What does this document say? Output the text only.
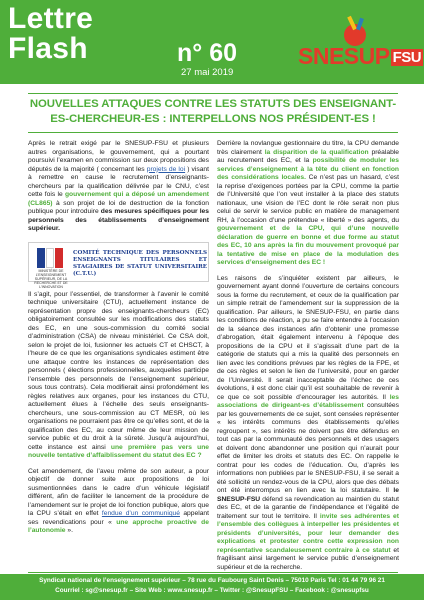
Lettre
Flash	n° 60
27 mai 2019
SNESUP FSU
NOUVELLES ATTAQUES CONTRE LES STATUTS DES ENSEIGNANT-ES-CHERCHEUR-ES : INTERPELLONS NOS PRÉSIDENT-ES !

Après le retrait exigé par le SNESUP-FSU et plusieurs autres organisations, le gouvernement, qui a pourtant poursuivi l’examen en commission sur deux propositions des députés de la majorité ( concernant les projets de loi ) visant à remettre en cause le recrutement d’enseignants-chercheurs par la qualification délivrée par le CNU, c’est cette fois le gouvernement qui a déposé un amendement (CL865) à son projet de loi de destruction de la fonction publique pour introduire des mesures spécifiques pour les personnels des établissements d’enseignement supérieur.

MINISTÈRE DE L’ENSEIGNEMENT SUPÉRIEUR, DE LA RECHERCHE ET DE L’INNOVATION
COMITÉ TECHNIQUE DES PERSONNELS ENSEIGNANTS TITULAIRES ET STAGIAIRES DE STATUT UNIVERSITAIRE (C.T.U.)

Il s’agit, pour l’essentiel, de transformer à l’avenir le comité technique universitaire (CTU), actuellement instance de représentation propre des enseignants-chercheurs (EC) obligatoirement consultée sur les modifications des statuts des EC, en une sous-commission du comité social d’administration (CSA) de niveau ministériel. Ce CSA doit, selon le projet de loi, fusionner les actuels CT et CHSCT, à l’heure de ce que les organisations syndicales estiment être une attaque contre les instances de représentation des personnels ( élections professionnelles, auxquelles participe l’ensemble des personnels de l’enseignement supérieur, sous tous contrats). Cela modifierait ainsi profondément les règles relatives aux organes, pour les instances du CTU, actuellement élues à l’échelle des seuls enseignants-chercheurs, une sous-commission au CT MESR, où les organisations ne pourraient pas être ce qu’elles sont, et de la qualification des EC, au cœur même de leur mission de service public et du droit à la sûreté. Jusqu’à aujourd’hui, cette instance est ainsi une première pas vers une nouvelle tentative d’affaiblissement du statut des EC ?

Cet amendement, de l’aveu même de son auteur, a pour objectif de donner suite aux propositions de loi susmentionnées dans le cadre d’un véhicule législatif différent, afin de faciliter le lancement de la procédure de l’amendement sur le projet de loi fonction publique, alors que la CPU s’était en effet fendue d’un communiqué appelant ses revendications pour « une approche proactive de l’autonomie ».

Derrière la novlangue gestionnaire du titre, la CPU demande très clairement la disparition de la qualification préalable au recrutement des EC, et la possibilité de moduler les services d’enseignement à la tête du client en fonction des considérations locales. Ce n’est pas un hasard, c’est la reprise d’exigences portées par la CPU, comme la partie de l’Université que l’on veut installer à la place des statuts nationaux, une vision de l’EC dont le rôle serait non plus celui de servir le service public en matière de management RH, à l’occasion d’une prétendue « liberté » des agents, du gouvernement et de la CPU, qui d’une nouvelle déclaration de guerre en bonne et due forme au statut des EC, 10 ans après la fin du mouvement provoqué par la tentative de mise en place de la modulation des services d’enseignement des EC !

Les raisons de s’inquiéter existent par ailleurs, le gouvernement ayant donné l’ouverture de certains concours sous la forme du recrutement, et ceux de la qualification par un simple retrait de l’amendement sur la suppression de la qualification. Par ailleurs, le SNESUP-FSU, en partie dans les conditions de réaction, a pu se faire entendre à l’occasion de la séance des instances afin d’obtenir une promesse d’abrogation, était également intervenu à l’époque des propositions de la CPU et il s’agissait d’une part de la catégorie de statuts qui a mis la qualité des personnels en lien avec les conditions prévues par les règles de la FPE, et de ces règles et selon le lien de l’université, pour en garder de l’Université. Il serait inacceptable de l’échec de ces évolutions, il est donc clair qu’il est souhaitable de revenir à ce que ce soit possible d’encourager les autorités. Il les associations de dirigeant-es d’établissement consultées par les gouvernements de ce sujet, sont censées représenter « les intérêts communs des établissements qu’elles regroupent », ses intérêts ne doivent pas être défendus en tout cas par la communauté des personnels et des usagers et doivent donc abandonner une position qui n’aurait pour effet de limiter les droits et statuts des EC. On rappelle le contrat pour les codes de l’éducation. Ou, d’après les informations non publiées par le SNESUP-FSU, il se serait a été sollicité un rendez-vous de la CPU, alors que des débats ont été interrompus en lien avec la loi statutaire. Il le SNESUP-FSU défend sa revendication au maintien du statut des EC, et de la garantie de l’indépendance et l’égalité de traitement sur tout le territoire. Il invite ses adhérentes et l’ensemble des collègues à interpeller les présidentes et présidents d’universités, pour leur demander des explications et protester contre cette expression non représentative scandaleusement contraire à ce statut et fragilisant ainsi largement le service public d’enseignement supérieur et de la recherche.

Syndicat national de l’enseignement supérieur – 78 rue du Faubourg Saint Denis – 75010 Paris Tel : 01 44 79 96 21
Courriel : sg@snesup.fr – Site Web : www.snesup.fr – Twitter : @SnesupFSU – Facebook : @snesupfsu
